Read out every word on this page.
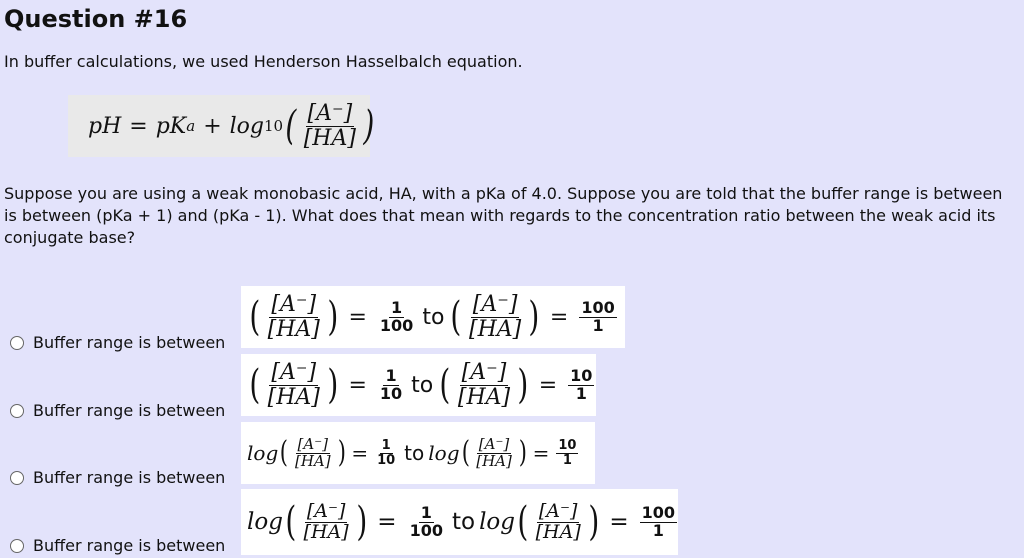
Question #16

In buffer calculations, we used Henderson Hasselbalch equation.

pH = pK a + log 10 ( $\frac{[A^-]}{[HA]}$ )

Suppose you are using a weak monobasic acid, HA, with a pKa of 4.0. Suppose you are told that the buffer range is between is between (pKa + 1) and (pKa - 1). What does that mean with regards to the concentration ratio between the weak acid its conjugate base?

( $\frac{[A^-]}{[HA]}$ ) = $\frac{1}{100}$ to ( $\frac{[A^-]}{[HA]}$ ) = $\frac{100}{1}$
Buffer range is between
( $\frac{[A^-]}{[HA]}$ ) = $\frac{1}{10}$ to ( $\frac{[A^-]}{[HA]}$ ) = $\frac{10}{1}$
Buffer range is between
log ( $\frac{[A^-]}{[HA]}$ ) = $\frac{1}{10}$ to log ( $\frac{[A^-]}{[HA]}$ ) = $\frac{10}{1}$
Buffer range is between
log ( $\frac{[A^-]}{[HA]}$ ) = $\frac{1}{100}$ to log ( $\frac{[A^-]}{[HA]}$ ) = $\frac{100}{1}$
Buffer range is between
